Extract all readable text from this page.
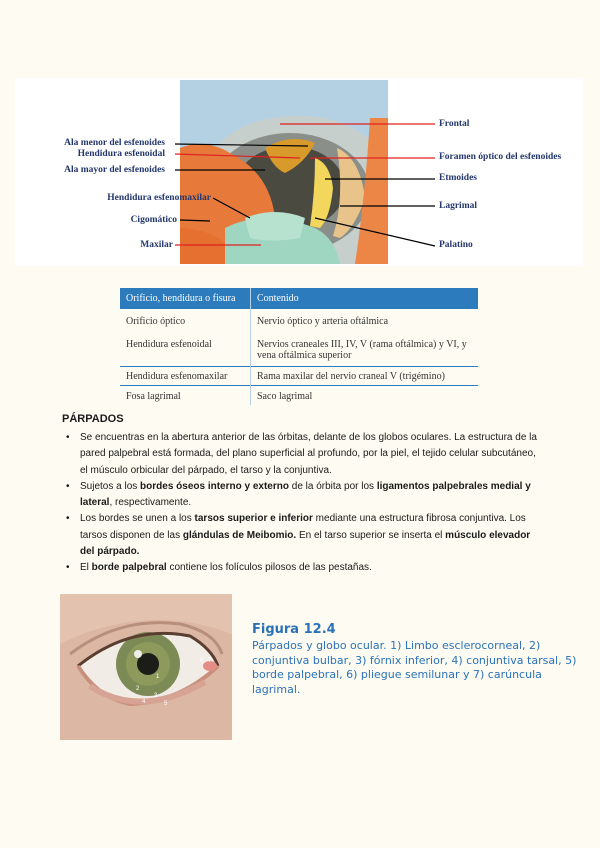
Ala menor del esfenoides
Hendidura esfenoidal
Ala mayor del esfenoides
Hendidura esfenomaxilar
Cigomático
Maxilar
Frontal
Foramen óptico del esfenoides
Etmoides
Lagrimal
Palatino
Orificio, hendidura o fisura	Contenido
Orificio óptico	Nervio óptico y arteria oftálmica
Hendidura esfenoidal	Nervios craneales III, IV, V (rama oftálmica) y VI, y vena oftálmica superior
Hendidura esfenomaxilar	Rama maxilar del nervio craneal V (trigémino)
Fosa lagrimal	Saco lagrimal
PÁRPADOS
• Se encuentras en la abertura anterior de las órbitas, delante de los globos oculares. La estructura de la pared palpebral está formada, del plano superficial al profundo, por la piel, el tejido celular subcutáneo, el músculo orbicular del párpado, el tarso y la conjuntiva.
• Sujetos a los bordes óseos interno y externo de la órbita por los ligamentos palpebrales medial y lateral, respectivamente.
• Los bordes se unen a los tarsos superior e inferior mediante una estructura fibrosa conjuntiva. Los tarsos disponen de las glándulas de Meibomio. En el tarso superior se inserta el músculo elevador del párpado.
• El borde palpebral contiene los folículos pilosos de las pestañas.
1
2
3
4	5
6 7
Figura 12.4
Párpados y globo ocular. 1) Limbo esclerocorneal, 2) conjuntiva bulbar, 3) fórnix inferior, 4) conjuntiva tarsal, 5) borde palpebral, 6) pliegue semilunar y 7) carúncula lagrimal.
